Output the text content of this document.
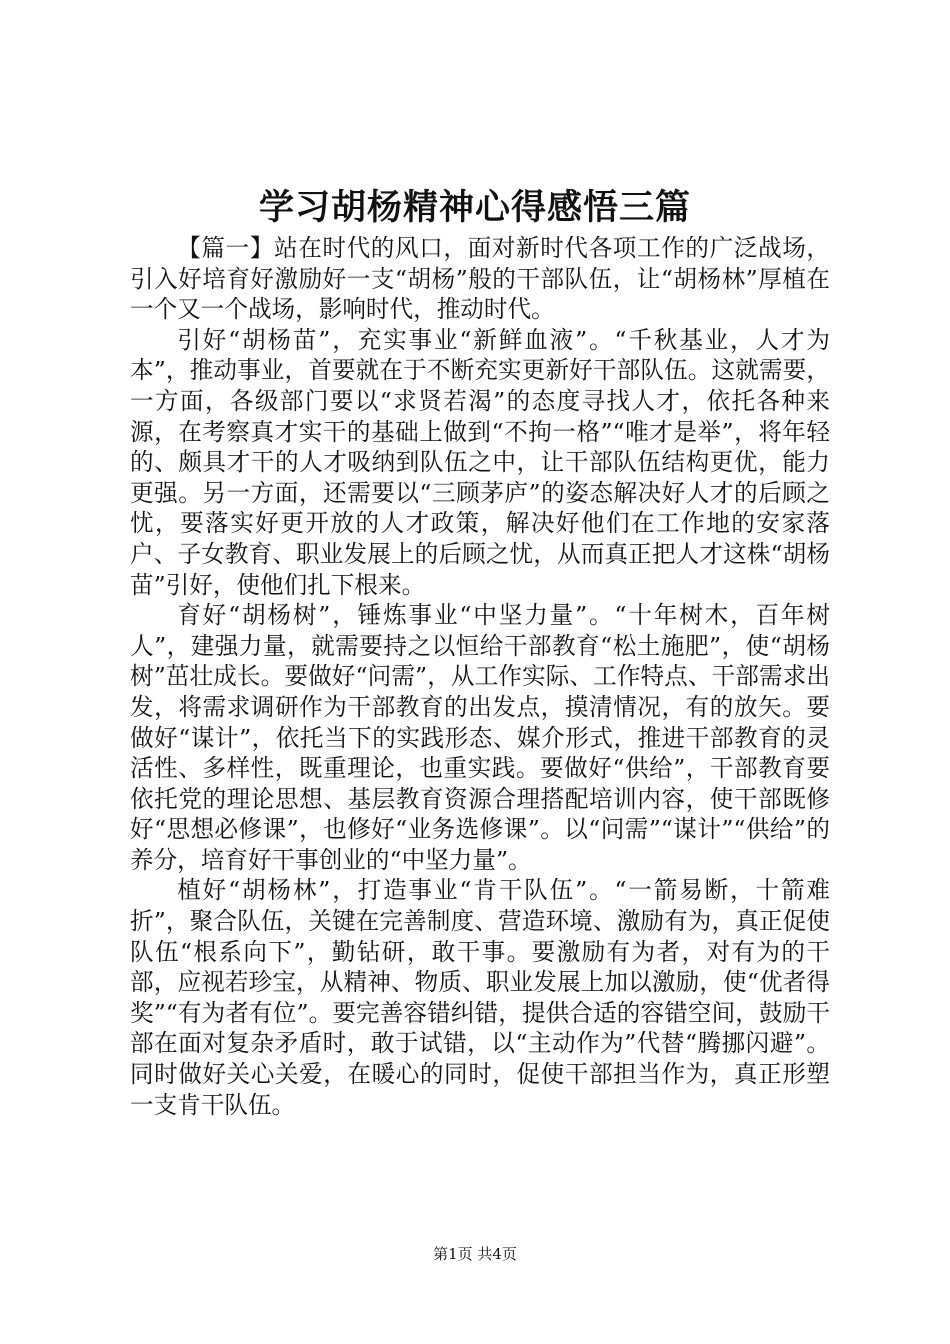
学习胡杨精神心得感悟三篇

【篇一】站在时代的风口，面对新时代各项工作的广泛战场，引入好培育好激励好一支“胡杨”般的干部队伍，让“胡杨林”厚植在一个又一个战场，影响时代，推动时代。

引好“胡杨苗”，充实事业“新鲜血液”。“千秋基业，人才为本”，推动事业，首要就在于不断充实更新好干部队伍。这就需要，一方面，各级部门要以“求贤若渴”的态度寻找人才，依托各种来源，在考察真才实干的基础上做到“不拘一格”“唯才是举”，将年轻的、颇具才干的人才吸纳到队伍之中，让干部队伍结构更优，能力更强。另一方面，还需要以“三顾茅庐”的姿态解决好人才的后顾之忧，要落实好更开放的人才政策，解决好他们在工作地的安家落户、子女教育、职业发展上的后顾之忧，从而真正把人才这株“胡杨苗”引好，使他们扎下根来。

育好“胡杨树”，锤炼事业“中坚力量”。“十年树木，百年树人”，建强力量，就需要持之以恒给干部教育“松土施肥”，使“胡杨树”茁壮成长。要做好“问需”，从工作实际、工作特点、干部需求出发，将需求调研作为干部教育的出发点，摸清情况，有的放矢。要做好“谋计”，依托当下的实践形态、媒介形式，推进干部教育的灵活性、多样性，既重理论，也重实践。要做好“供给”，干部教育要依托党的理论思想、基层教育资源合理搭配培训内容，使干部既修好“思想必修课”，也修好“业务选修课”。以“问需”“谋计”“供给”的养分，培育好干事创业的“中坚力量”。

植好“胡杨林”，打造事业“肯干队伍”。“一箭易断，十箭难折”，聚合队伍，关键在完善制度、营造环境、激励有为，真正促使队伍“根系向下”，勤钻研，敢干事。要激励有为者，对有为的干部，应视若珍宝，从精神、物质、职业发展上加以激励，使“优者得奖”“有为者有位”。要完善容错纠错，提供合适的容错空间，鼓励干部在面对复杂矛盾时，敢于试错，以“主动作为”代替“腾挪闪避”。同时做好关心关爱，在暖心的同时，促使干部担当作为，真正形塑一支肯干队伍。

第1页 共4页
